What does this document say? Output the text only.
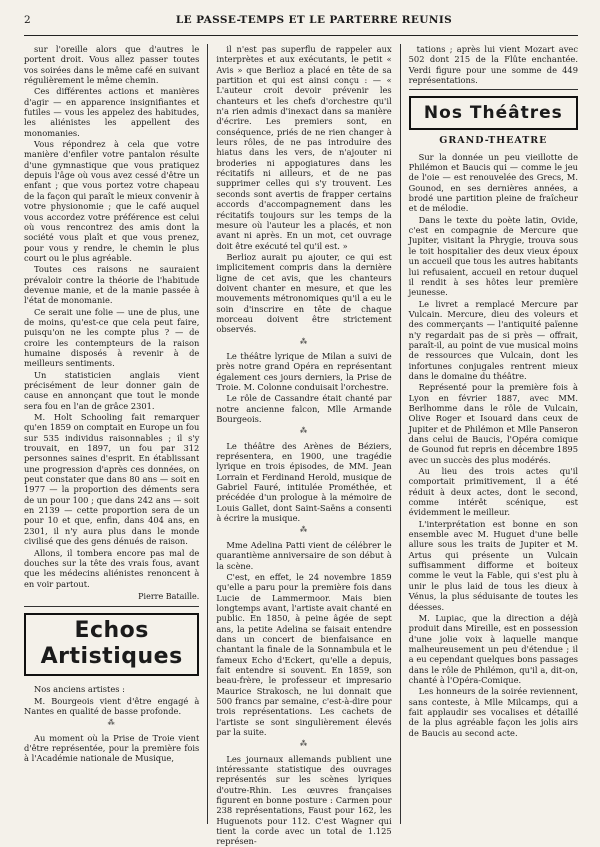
2	LE PASSE-TEMPS ET LE PARTERRE REUNIS

sur l'oreille alors que d'autres le portent droit. Vous allez passer toutes vos soirées dans le même café en suivant régulièrement le même chemin.

Ces différentes actions et manières d'agir — en apparence insignifiantes et futiles — vous les appelez des habitudes, les aliénistes les appellent des monomanies.

Vous répondrez à cela que votre manière d'enfiler votre pantalon résulte d'une gymnastique que vous pratiquez depuis l'âge où vous avez cessé d'être un enfant ; que vous portez votre chapeau de la façon qui paraît le mieux convenir à votre physionomie ; que le café auquel vous accordez votre préférence est celui où vous rencontrez des amis dont la société vous plaît et que vous prenez, pour vous y rendre, le chemin le plus court ou le plus agréable.

Toutes ces raisons ne sauraient prévaloir contre la théorie de l'habitude devenue manie, et de la manie passée à l'état de monomanie.

Ce serait une folie — une de plus, une de moins, qu'est-ce que cela peut faire, puisqu'on ne les compte plus ? — de croire les contempteurs de la raison humaine disposés à revenir à de meilleurs sentiments.

Un statisticien anglais vient précisément de leur donner gain de cause en annonçant que tout le monde sera fou en l'an de grâce 2301.

M. Holt Schooling fait remarquer qu'en 1859 on comptait en Europe un fou sur 535 individus raisonnables ; il s'y trouvait, en 1897, un fou par 312 personnes saines d'esprit. En établissant une progression d'après ces données, on peut constater que dans 80 ans — soit en 1977 — la proportion des déments sera de un pour 100 ; que dans 242 ans — soit en 2139 — cette proportion sera de un pour 10 et que, enfin, dans 404 ans, en 2301, il n'y aura plus dans le monde civilisé que des gens dénués de raison.

Allons, il tombera encore pas mal de douches sur la tête des vrais fous, avant que les médecins aliénistes renoncent à en voir partout.

Pierre Bataille.
Echos Artistiques

Nos anciens artistes :

M. Bourgeois vient d'être engagé à Nantes en qualité de basse profonde.

⁂

Au moment où la Prise de Troie vient d'être représentée, pour la première fois à l'Académie nationale de Musique,

il n'est pas superflu de rappeler aux interprètes et aux exécutants, le petit « Avis » que Berlioz a placé en tête de sa partition et qui est ainsi conçu : — « L'auteur croit devoir prévenir les chanteurs et les chefs d'orchestre qu'il n'a rien admis d'inexact dans sa manière d'écrire. Les premiers sont, en conséquence, priés de ne rien changer à leurs rôles, de ne pas introduire des hiatus dans les vers, de n'ajouter ni broderies ni appogiatures dans les récitatifs ni ailleurs, et de ne pas supprimer celles qui s'y trouvent. Les seconds sont avertis de frapper certains accords d'accompagnement dans les récitatifs toujours sur les temps de la mesure où l'auteur les a placés, et non avant ni après. En un mot, cet ouvrage doit être exécuté tel qu'il est. »

Berlioz aurait pu ajouter, ce qui est implicitement compris dans la dernière ligne de cet avis, que les chanteurs doivent chanter en mesure, et que les mouvements métronomiques qu'il a eu le soin d'inscrire en tête de chaque morceau doivent être strictement observés.

⁂

Le théâtre lyrique de Milan a suivi de près notre grand Opéra en représentant également ces jours derniers, la Prise de Troie. M. Colonne conduisait l'orchestre.

Le rôle de Cassandre était chanté par notre ancienne falcon, Mlle Armande Bourgeois.

⁂

Le théâtre des Arènes de Béziers, représentera, en 1900, une tragédie lyrique en trois épisodes, de MM. Jean Lorrain et Ferdinand Herold, musique de Gabriel Fauré, intitulée Prométhée, et précédée d'un prologue à la mémoire de Louis Gallet, dont Saint-Saëns a consenti à écrire la musique.

⁂

Mme Adelina Patti vient de célébrer le quarantième anniversaire de son début à la scène.

C'est, en effet, le 24 novembre 1859 qu'elle a paru pour la première fois dans Lucie de Lammermoor. Mais bien longtemps avant, l'artiste avait chanté en public. En 1850, à peine âgée de sept ans, la petite Adelina se faisait entendre dans un concert de bienfaisance en chantant la finale de la Sonnambula et le fameux Echo d'Eckert, qu'elle a depuis, fait entendre si souvent. En 1859, son beau-frère, le professeur et impresario Maurice Strakosch, ne lui donnait que 500 francs par semaine, c'est-à-dire pour trois représentations. Les cachets de l'artiste se sont singulièrement élevés par la suite.

⁂

Les journaux allemands publient une intéressante statistique des ouvrages représentés sur les scènes lyriques d'outre-Rhin. Les œuvres françaises figurent en bonne posture : Carmen pour 238 représentations, Faust pour 162, les Huguenots pour 112. C'est Wagner qui tient la corde avec un total de 1.125 représen-

tations ; après lui vient Mozart avec 502 dont 215 de la Flûte enchantée. Verdi figure pour une somme de 449 représentations.

Nos Théâtres
GRAND-THEATRE

Sur la donnée un peu vieillotte de Philémon et Baucis qui — comme le jeu de l'oie — est renouvelée des Grecs, M. Gounod, en ses dernières années, a brodé une partition pleine de fraîcheur et de mélodie.

Dans le texte du poète latin, Ovide, c'est en compagnie de Mercure que Jupiter, visitant la Phrygie, trouva sous le toit hospitalier des deux vieux époux un accueil que tous les autres habitants lui refusaient, accueil en retour duquel il rendit à ses hôtes leur première jeunesse.

Le livret a remplacé Mercure par Vulcain. Mercure, dieu des voleurs et des commerçants — l'antiquité païenne n'y regardait pas de si près — offrait, paraît-il, au point de vue musical moins de ressources que Vulcain, dont les infortunes conjugales rentrent mieux dans le domaine du théâtre.

Représenté pour la première fois à Lyon en février 1887, avec MM. Berlhomme dans le rôle de Vulcain, Olive Roger et Isouard dans ceux de Jupiter et de Philémon et Mlle Panseron dans celui de Baucis, l'Opéra comique de Gounod fut repris en décembre 1895 avec un succès des plus modérés.

Au lieu des trois actes qu'il comportait primitivement, il a été réduit à deux actes, dont le second, comme intérêt scénique, est évidemment le meilleur.

L'interprétation est bonne en son ensemble avec M. Huguet d'une belle allure sous les traits de Jupiter et M. Artus qui présente un Vulcain suffisamment difforme et boiteux comme le veut la Fable, qui s'est plu à unir le plus laid de tous les dieux à Vénus, la plus séduisante de toutes les déesses.

M. Lupiac, que la direction a déjà produit dans Mireille, est en possession d'une jolie voix à laquelle manque malheureusement un peu d'étendue ; il a eu cependant quelques bons passages dans le rôle de Philémon, qu'il a, dit-on, chanté à l'Opéra-Comique.

Les honneurs de la soirée reviennent, sans conteste, à Mlle Milcamps, qui a fait applaudir ses vocalises et détaillé de la plus agréable façon les jolis airs de Baucis au second acte.
